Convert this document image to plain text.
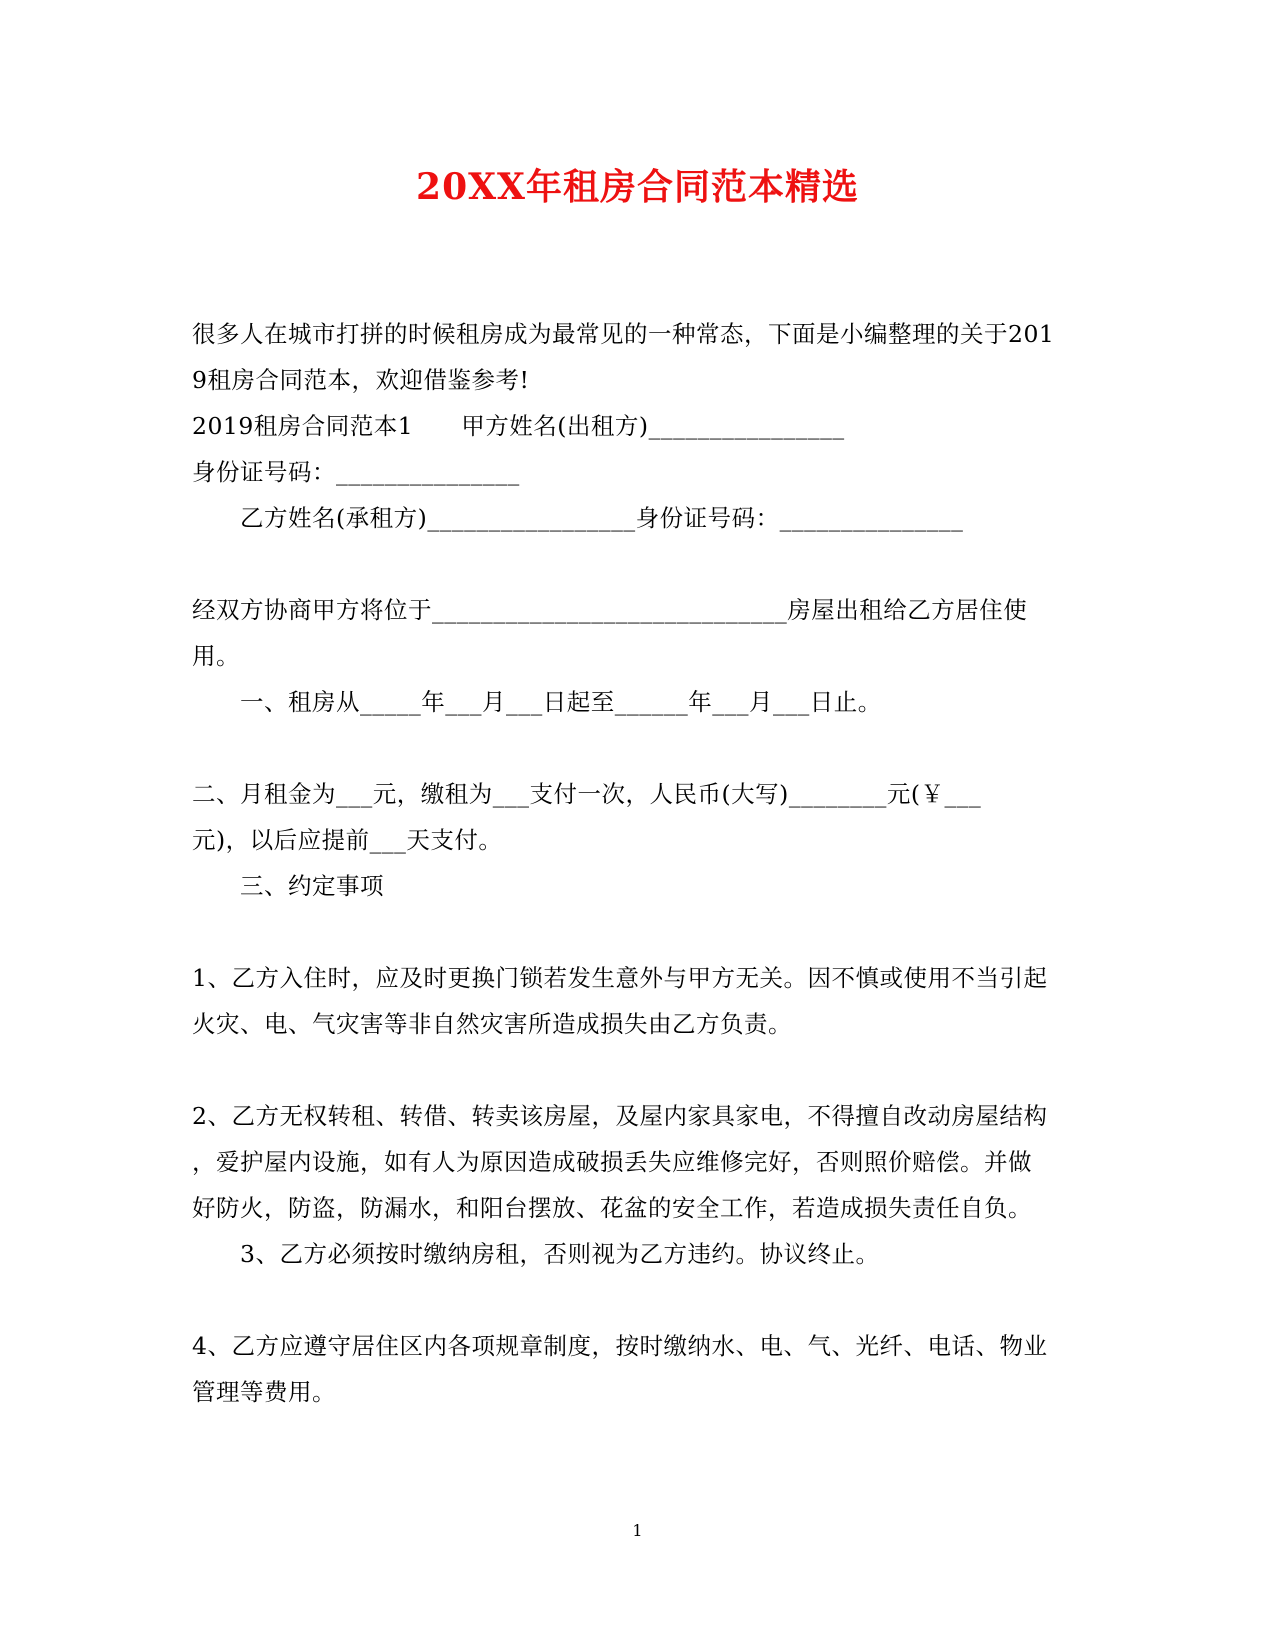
20XX年租房合同范本精选
很多人在城市打拼的时候租房成为最常见的一种常态，下面是小编整理的关于201
9租房合同范本，欢迎借鉴参考!
2019租房合同范本1　　甲方姓名(出租方)________________
身份证号码：_______________
　　乙方姓名(承租方)_________________身份证号码：_______________
经双方协商甲方将位于_____________________________房屋出租给乙方居住使
用。
　　一、租房从_____年___月___日起至______年___月___日止。
二、月租金为___元，缴租为___支付一次，人民币(大写)________元(￥___
元)，以后应提前___天支付。
　　三、约定事项
1、乙方入住时，应及时更换门锁若发生意外与甲方无关。因不慎或使用不当引起
火灾、电、气灾害等非自然灾害所造成损失由乙方负责。
2、乙方无权转租、转借、转卖该房屋，及屋内家具家电，不得擅自改动房屋结构
，爱护屋内设施，如有人为原因造成破损丢失应维修完好，否则照价赔偿。并做
好防火，防盗，防漏水，和阳台摆放、花盆的安全工作，若造成损失责任自负。
　　3、乙方必须按时缴纳房租，否则视为乙方违约。协议终止。
4、乙方应遵守居住区内各项规章制度，按时缴纳水、电、气、光纤、电话、物业
管理等费用。
1
